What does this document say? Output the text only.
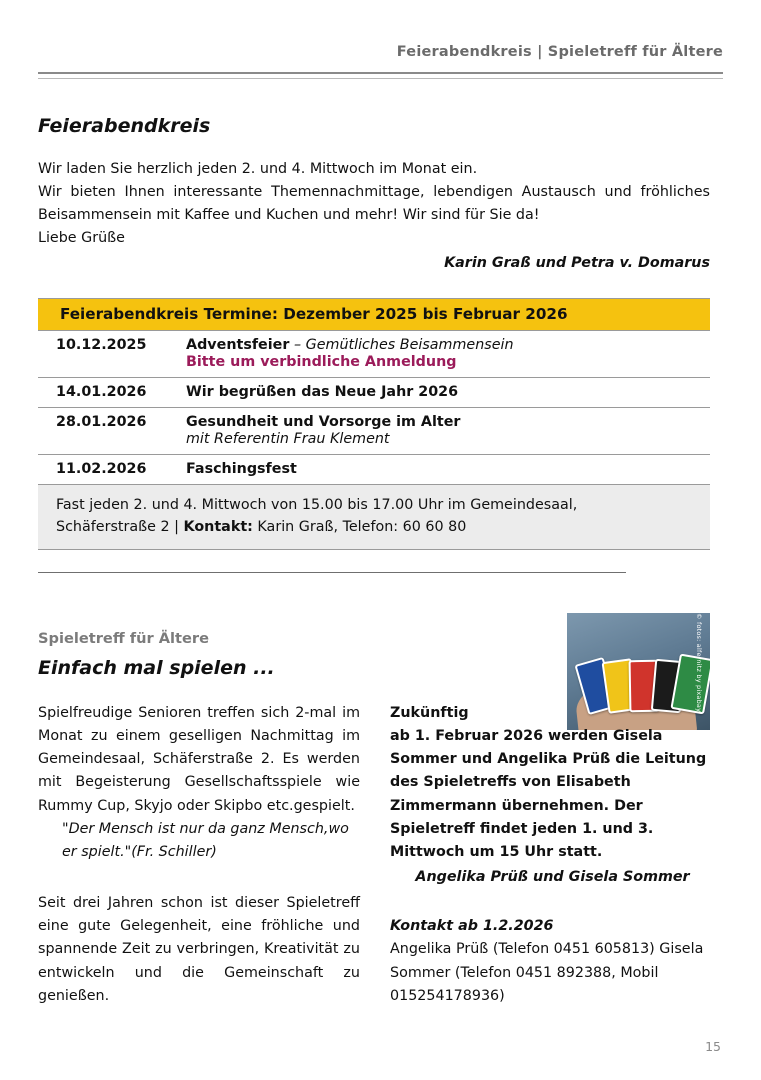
Feierabendkreis | Spieletreff für Ältere
Feierabendkreis

Wir laden Sie herzlich jeden 2. und 4. Mittwoch im Monat ein.

Wir bieten Ihnen interessante Themennachmittage, lebendigen Austausch und fröhliches Beisammensein mit Kaffee und Kuchen und mehr! Wir sind für Sie da!

Liebe Grüße

Karin Graß und Petra v. Domarus
Feierabendkreis Termine: Dezember 2025 bis Februar 2026
10.12.2025	Adventsfeier – Gemütliches Beisammensein
Bitte um verbindliche Anmeldung
14.01.2026	Wir begrüßen das Neue Jahr 2026
28.01.2026	Gesundheit und Vorsorge im Alter
mit Referentin Frau Klement
11.02.2026	Faschingsfest
Fast jeden 2. und 4. Mittwoch von 15.00 bis 17.00 Uhr im Gemeindesaal,
Schäferstraße 2 | Kontakt: Karin Graß, Telefon: 60 60 80
Spieletreff für Ältere
Einfach mal spielen ...	© fotos: alfernitz by pixabay

Spielfreudige Senioren treffen sich 2-mal im Monat zu einem geselligen Nachmittag im Gemeindesaal, Schäferstraße 2. Es werden mit Begeisterung Gesellschaftsspiele wie Rummy Cup, Skyjo oder Skipbo etc.gespielt.

"Der Mensch ist nur da ganz Mensch,wo er spielt."(Fr. Schiller)

Seit drei Jahren schon ist dieser Spieletreff eine gute Gelegenheit, eine fröhliche und spannende Zeit zu verbringen, Kreativität zu entwickeln und die Gemeinschaft zu genießen.

Zukünftig

ab 1. Februar 2026 werden Gisela Sommer und Angelika Prüß die Leitung des Spieletreffs von Elisabeth Zimmermann übernehmen. Der Spieletreff findet jeden 1. und 3. Mittwoch um 15 Uhr statt.

Angelika Prüß und Gisela Sommer

Kontakt ab 1.2.2026

Angelika Prüß (Telefon 0451 605813) Gisela Sommer (Telefon 0451 892388, Mobil 015254178936)

15
